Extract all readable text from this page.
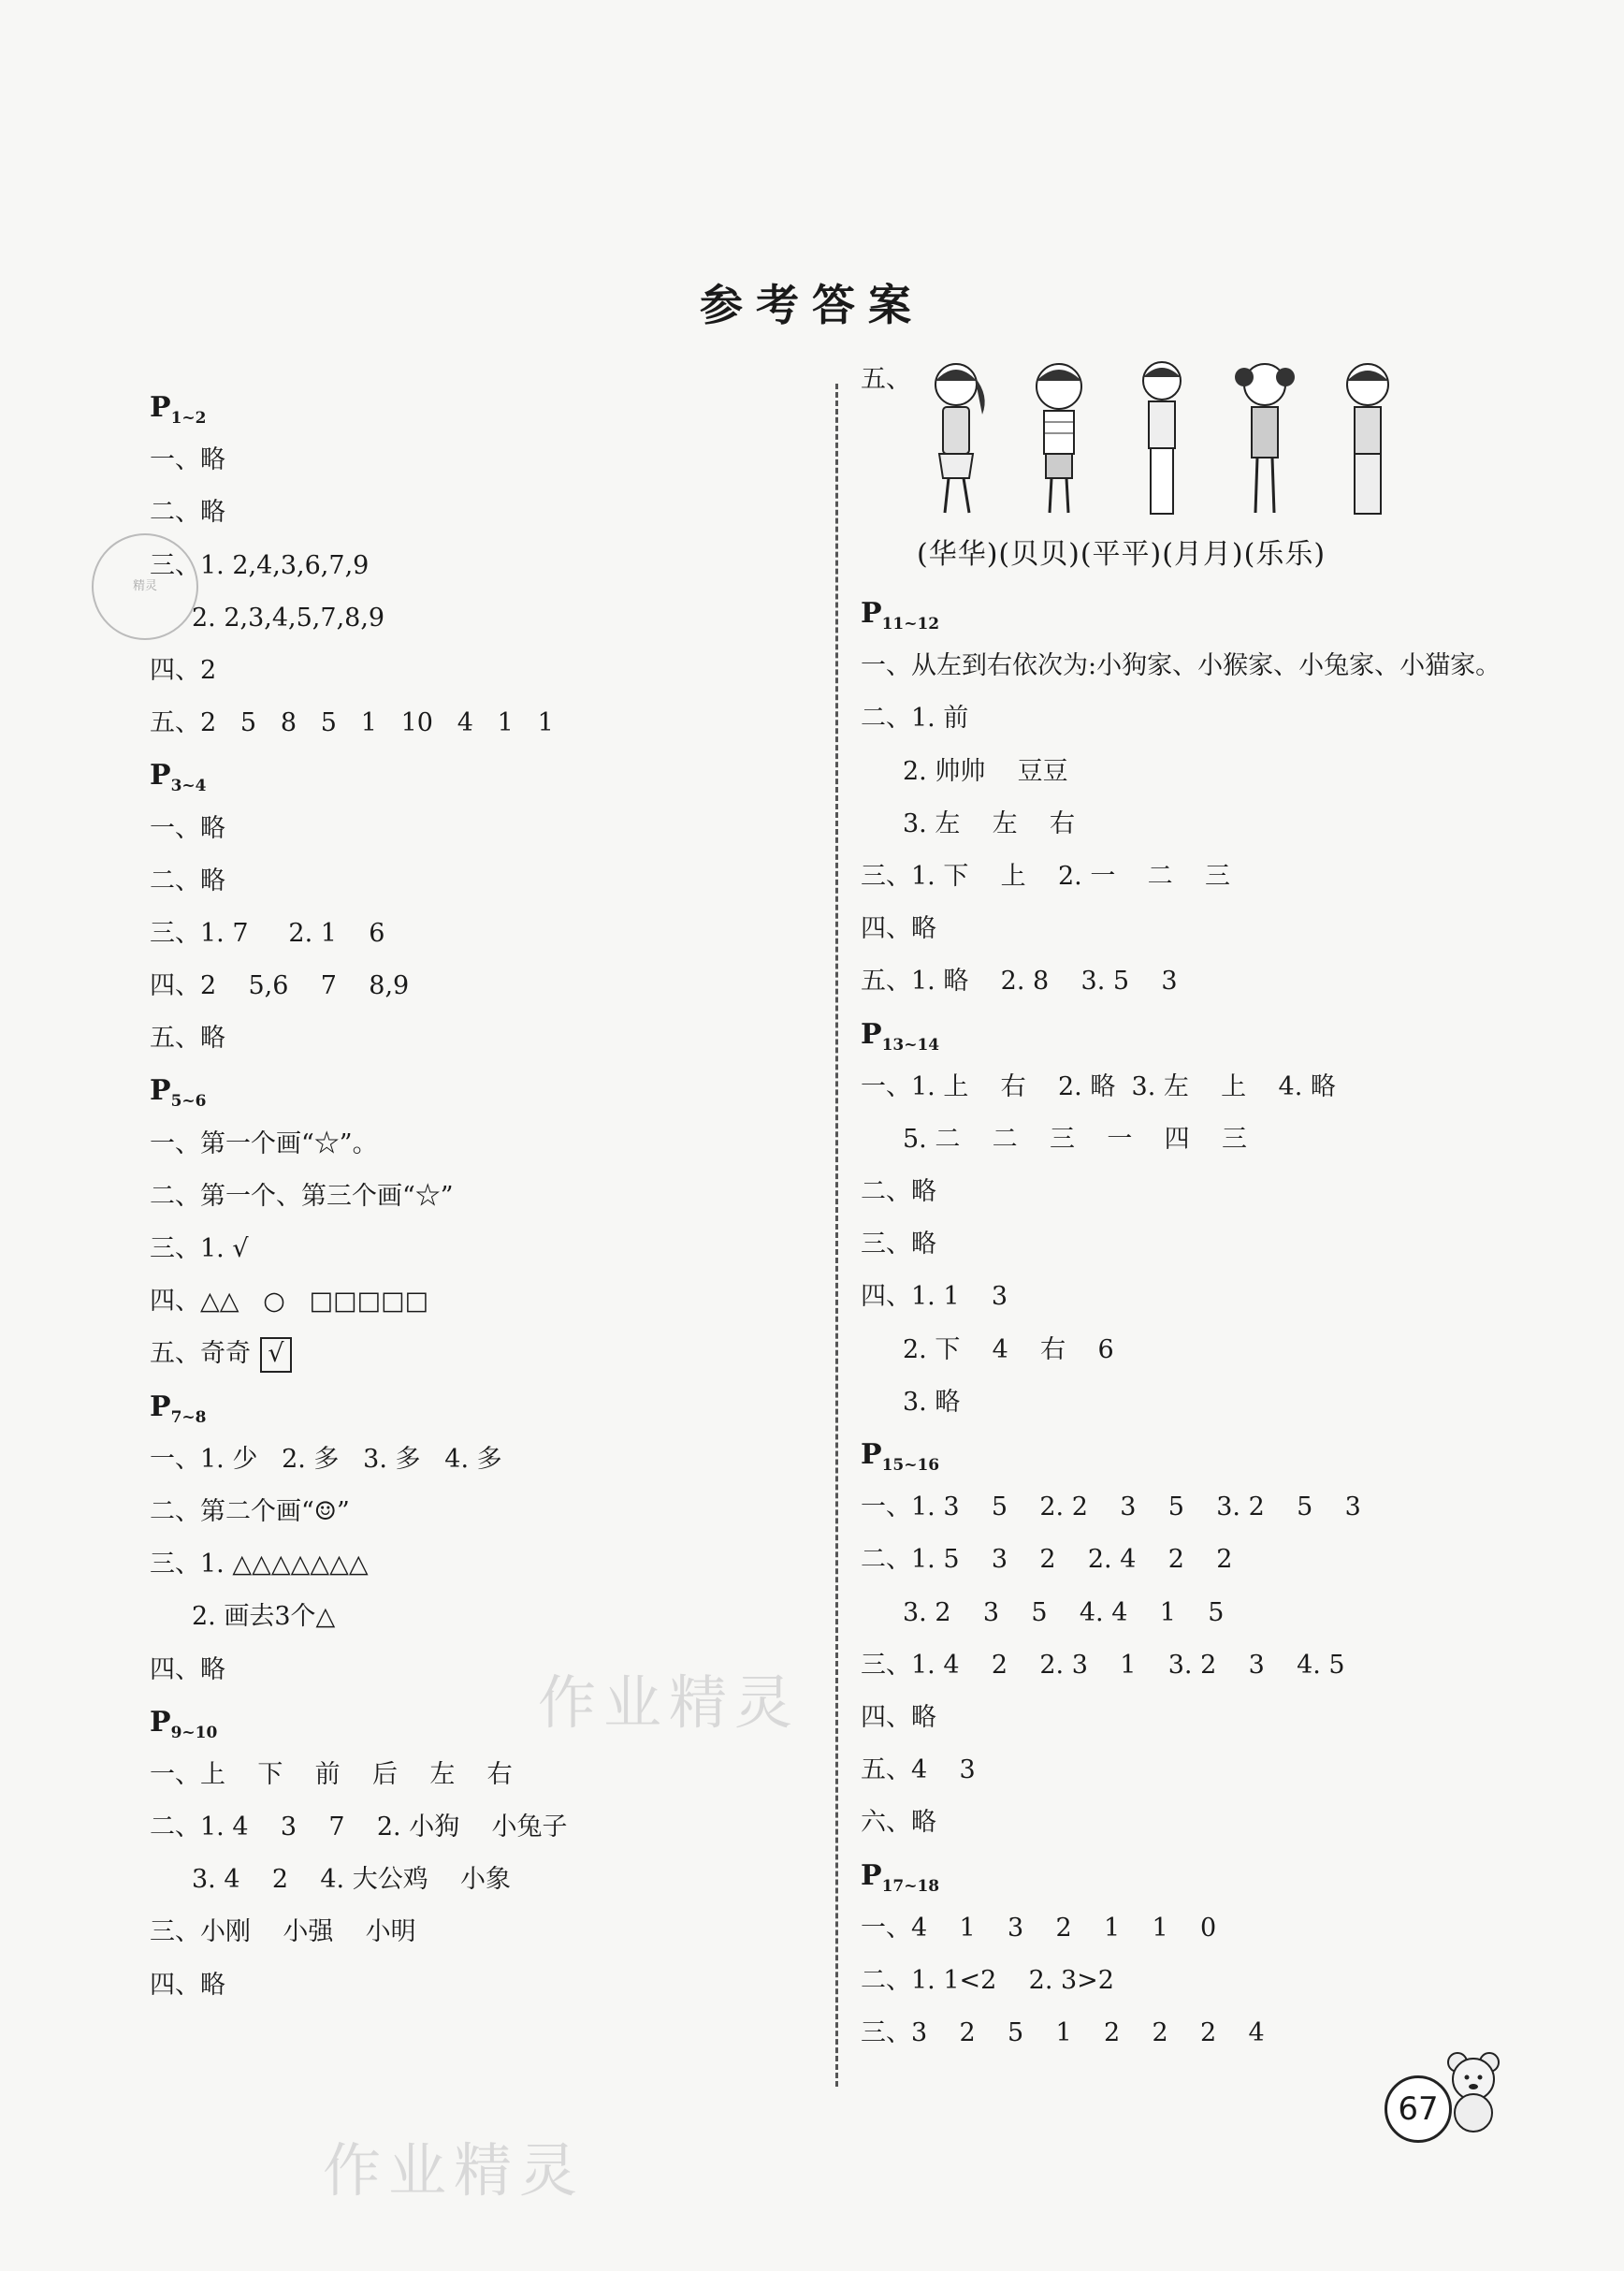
参考答案
精灵
$P_{1\sim 2}$
一、略
二、略
三、1. 2,4,3,6,7,9
2. 2,3,4,5,7,8,9
四、2
五、2   5   8   5   1   10   4   1   1
$P_{3\sim 4}$
一、略
二、略
三、1. 7     2. 1    6
四、2    5,6    7    8,9
五、略
$P_{5\sim 6}$
一、第一个画“☆”。
二、第一个、第三个画“☆”
三、1. √
四、△△   ○   □□□□□
五、奇奇 √
$P_{7\sim 8}$
一、1. 少   2. 多   3. 多   4. 多
二、第二个画“☺”
三、1. △△△△△△△
2. 画去3个△
四、略
$P_{9\sim 10}$
一、上    下    前    后    左    右
二、1. 4    3    7    2. 小狗    小兔子
3. 4    2    4. 大公鸡    小象
三、小刚    小强    小明
四、略
五、
(华华)(贝贝)(平平)(月月)(乐乐)
$P_{11\sim 12}$
一、从左到右依次为:小狗家、小猴家、小兔家、小猫家。
二、1. 前
2. 帅帅    豆豆
3. 左    左    右
三、1. 下    上    2. 一    二    三
四、略
五、1. 略    2. 8    3. 5    3
$P_{13\sim 14}$
一、1. 上    右    2. 略  3. 左    上    4. 略
5. 二    二    三    一    四    三
二、略
三、略
四、1. 1    3
2. 下    4    右    6
3. 略
$P_{15\sim 16}$
一、1. 3    5    2. 2    3    5    3. 2    5    3
二、1. 5    3    2    2. 4    2    2
3. 2    3    5    4. 4    1    5
三、1. 4    2    2. 3    1    3. 2    3    4. 5
四、略
五、4    3
六、略
$P_{17\sim 18}$
一、4    1    3    2    1    1    0
二、1. 1<2    2. 3>2
三、3    2    5    1    2    2    2    4
作业精灵
作业精灵
67
